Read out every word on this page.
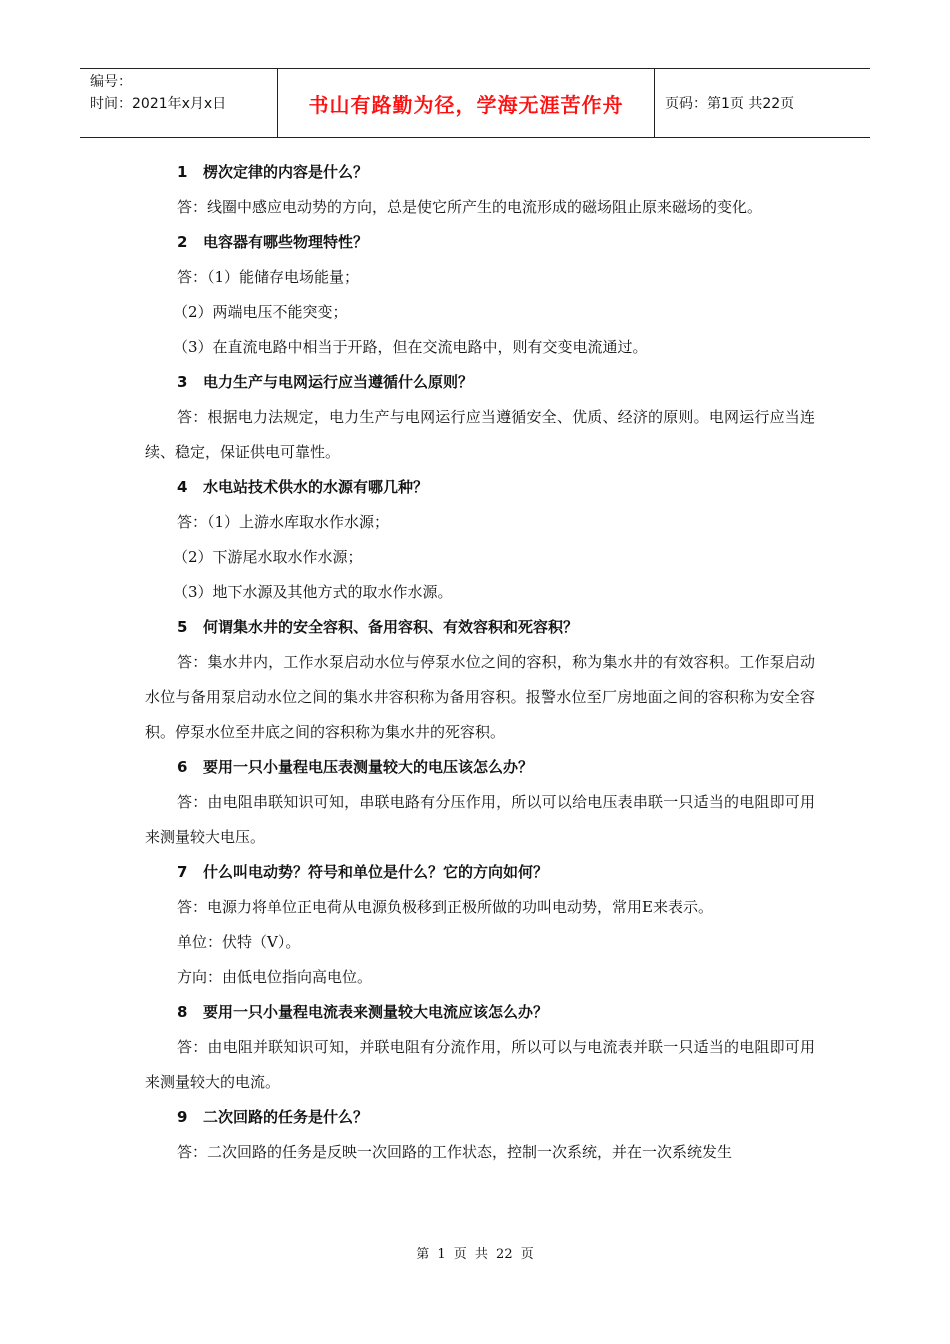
编号：
时间：2021年x月x日	书山有路勤为径，学海无涯苦作舟	页码：第1页 共22页

1 楞次定律的内容是什么？

答：线圈中感应电动势的方向，总是使它所产生的电流形成的磁场阻止原来磁场的变化。

2 电容器有哪些物理特性？

答：（1）能储存电场能量；

（2）两端电压不能突变；

（3）在直流电路中相当于开路，但在交流电路中，则有交变电流通过。

3 电力生产与电网运行应当遵循什么原则？

答：根据电力法规定，电力生产与电网运行应当遵循安全、优质、经济的原则。电网运行应当连续、稳定，保证供电可靠性。

4 水电站技术供水的水源有哪几种？

答：（1）上游水库取水作水源；

（2）下游尾水取水作水源；

（3）地下水源及其他方式的取水作水源。

5 何谓集水井的安全容积、备用容积、有效容积和死容积？

答：集水井内，工作水泵启动水位与停泵水位之间的容积，称为集水井的有效容积。工作泵启动水位与备用泵启动水位之间的集水井容积称为备用容积。报警水位至厂房地面之间的容积称为安全容积。停泵水位至井底之间的容积称为集水井的死容积。

6 要用一只小量程电压表测量较大的电压该怎么办？

答：由电阻串联知识可知，串联电路有分压作用，所以可以给电压表串联一只适当的电阻即可用来测量较大电压。

7 什么叫电动势？符号和单位是什么？它的方向如何？

答：电源力将单位正电荷从电源负极移到正极所做的功叫电动势，常用E来表示。

单位：伏特（V）。

方向：由低电位指向高电位。

8 要用一只小量程电流表来测量较大电流应该怎么办？

答：由电阻并联知识可知，并联电阻有分流作用，所以可以与电流表并联一只适当的电阻即可用来测量较大的电流。

9 二次回路的任务是什么？

答：二次回路的任务是反映一次回路的工作状态，控制一次系统，并在一次系统发生

第 1 页 共 22 页
